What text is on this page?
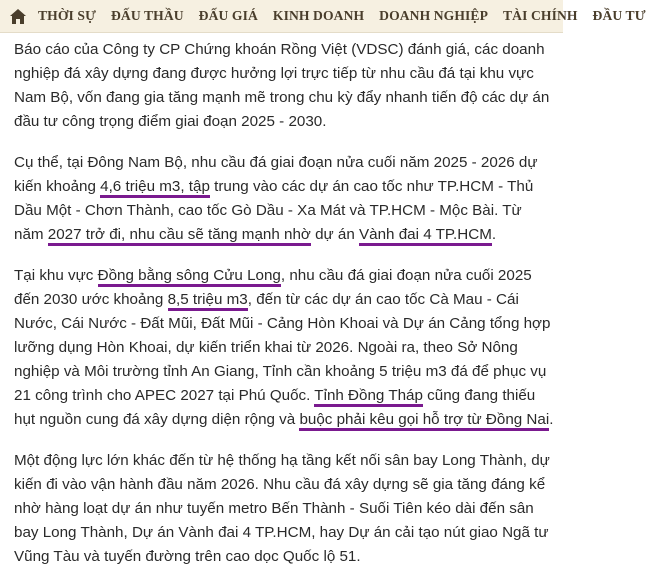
THỜI SỰ ĐẤU THẦU ĐẤU GIÁ KINH DOANH DOANH NGHIỆP TÀI CHÍNH ĐẦU TƯ

Báo cáo của Công ty CP Chứng khoán Rồng Việt (VDSC) đánh giá, các doanh nghiệp đá xây dựng đang được hưởng lợi trực tiếp từ nhu cầu đá tại khu vực Nam Bộ, vốn đang gia tăng mạnh mẽ trong chu kỳ đẩy nhanh tiến độ các dự án đầu tư công trọng điểm giai đoạn 2025 - 2030.

Cụ thể, tại Đông Nam Bộ, nhu cầu đá giai đoạn nửa cuối năm 2025 - 2026 dự kiến khoảng 4,6 triệu m3, tập trung vào các dự án cao tốc như TP.HCM - Thủ Dầu Một - Chơn Thành, cao tốc Gò Dầu - Xa Mát và TP.HCM - Mộc Bài. Từ năm 2027 trở đi, nhu cầu sẽ tăng mạnh nhờ dự án Vành đai 4 TP.HCM.

Tại khu vực Đồng bằng sông Cửu Long, nhu cầu đá giai đoạn nửa cuối 2025 đến 2030 ước khoảng 8,5 triệu m3, đến từ các dự án cao tốc Cà Mau - Cái Nước, Cái Nước - Đất Mũi, Đất Mũi - Cảng Hòn Khoai và Dự án Cảng tổng hợp lưỡng dụng Hòn Khoai, dự kiến triển khai từ 2026. Ngoài ra, theo Sở Nông nghiệp và Môi trường tỉnh An Giang, Tỉnh cần khoảng 5 triệu m3 đá để phục vụ 21 công trình cho APEC 2027 tại Phú Quốc. Tỉnh Đồng Tháp cũng đang thiếu hụt nguồn cung đá xây dựng diện rộng và buộc phải kêu gọi hỗ trợ từ Đồng Nai.

Một động lực lớn khác đến từ hệ thống hạ tầng kết nối sân bay Long Thành, dự kiến đi vào vận hành đầu năm 2026. Nhu cầu đá xây dựng sẽ gia tăng đáng kể nhờ hàng loạt dự án như tuyến metro Bến Thành - Suối Tiên kéo dài đến sân bay Long Thành, Dự án Vành đai 4 TP.HCM, hay Dự án cải tạo nút giao Ngã tư Vũng Tàu và tuyến đường trên cao dọc Quốc lộ 51.
